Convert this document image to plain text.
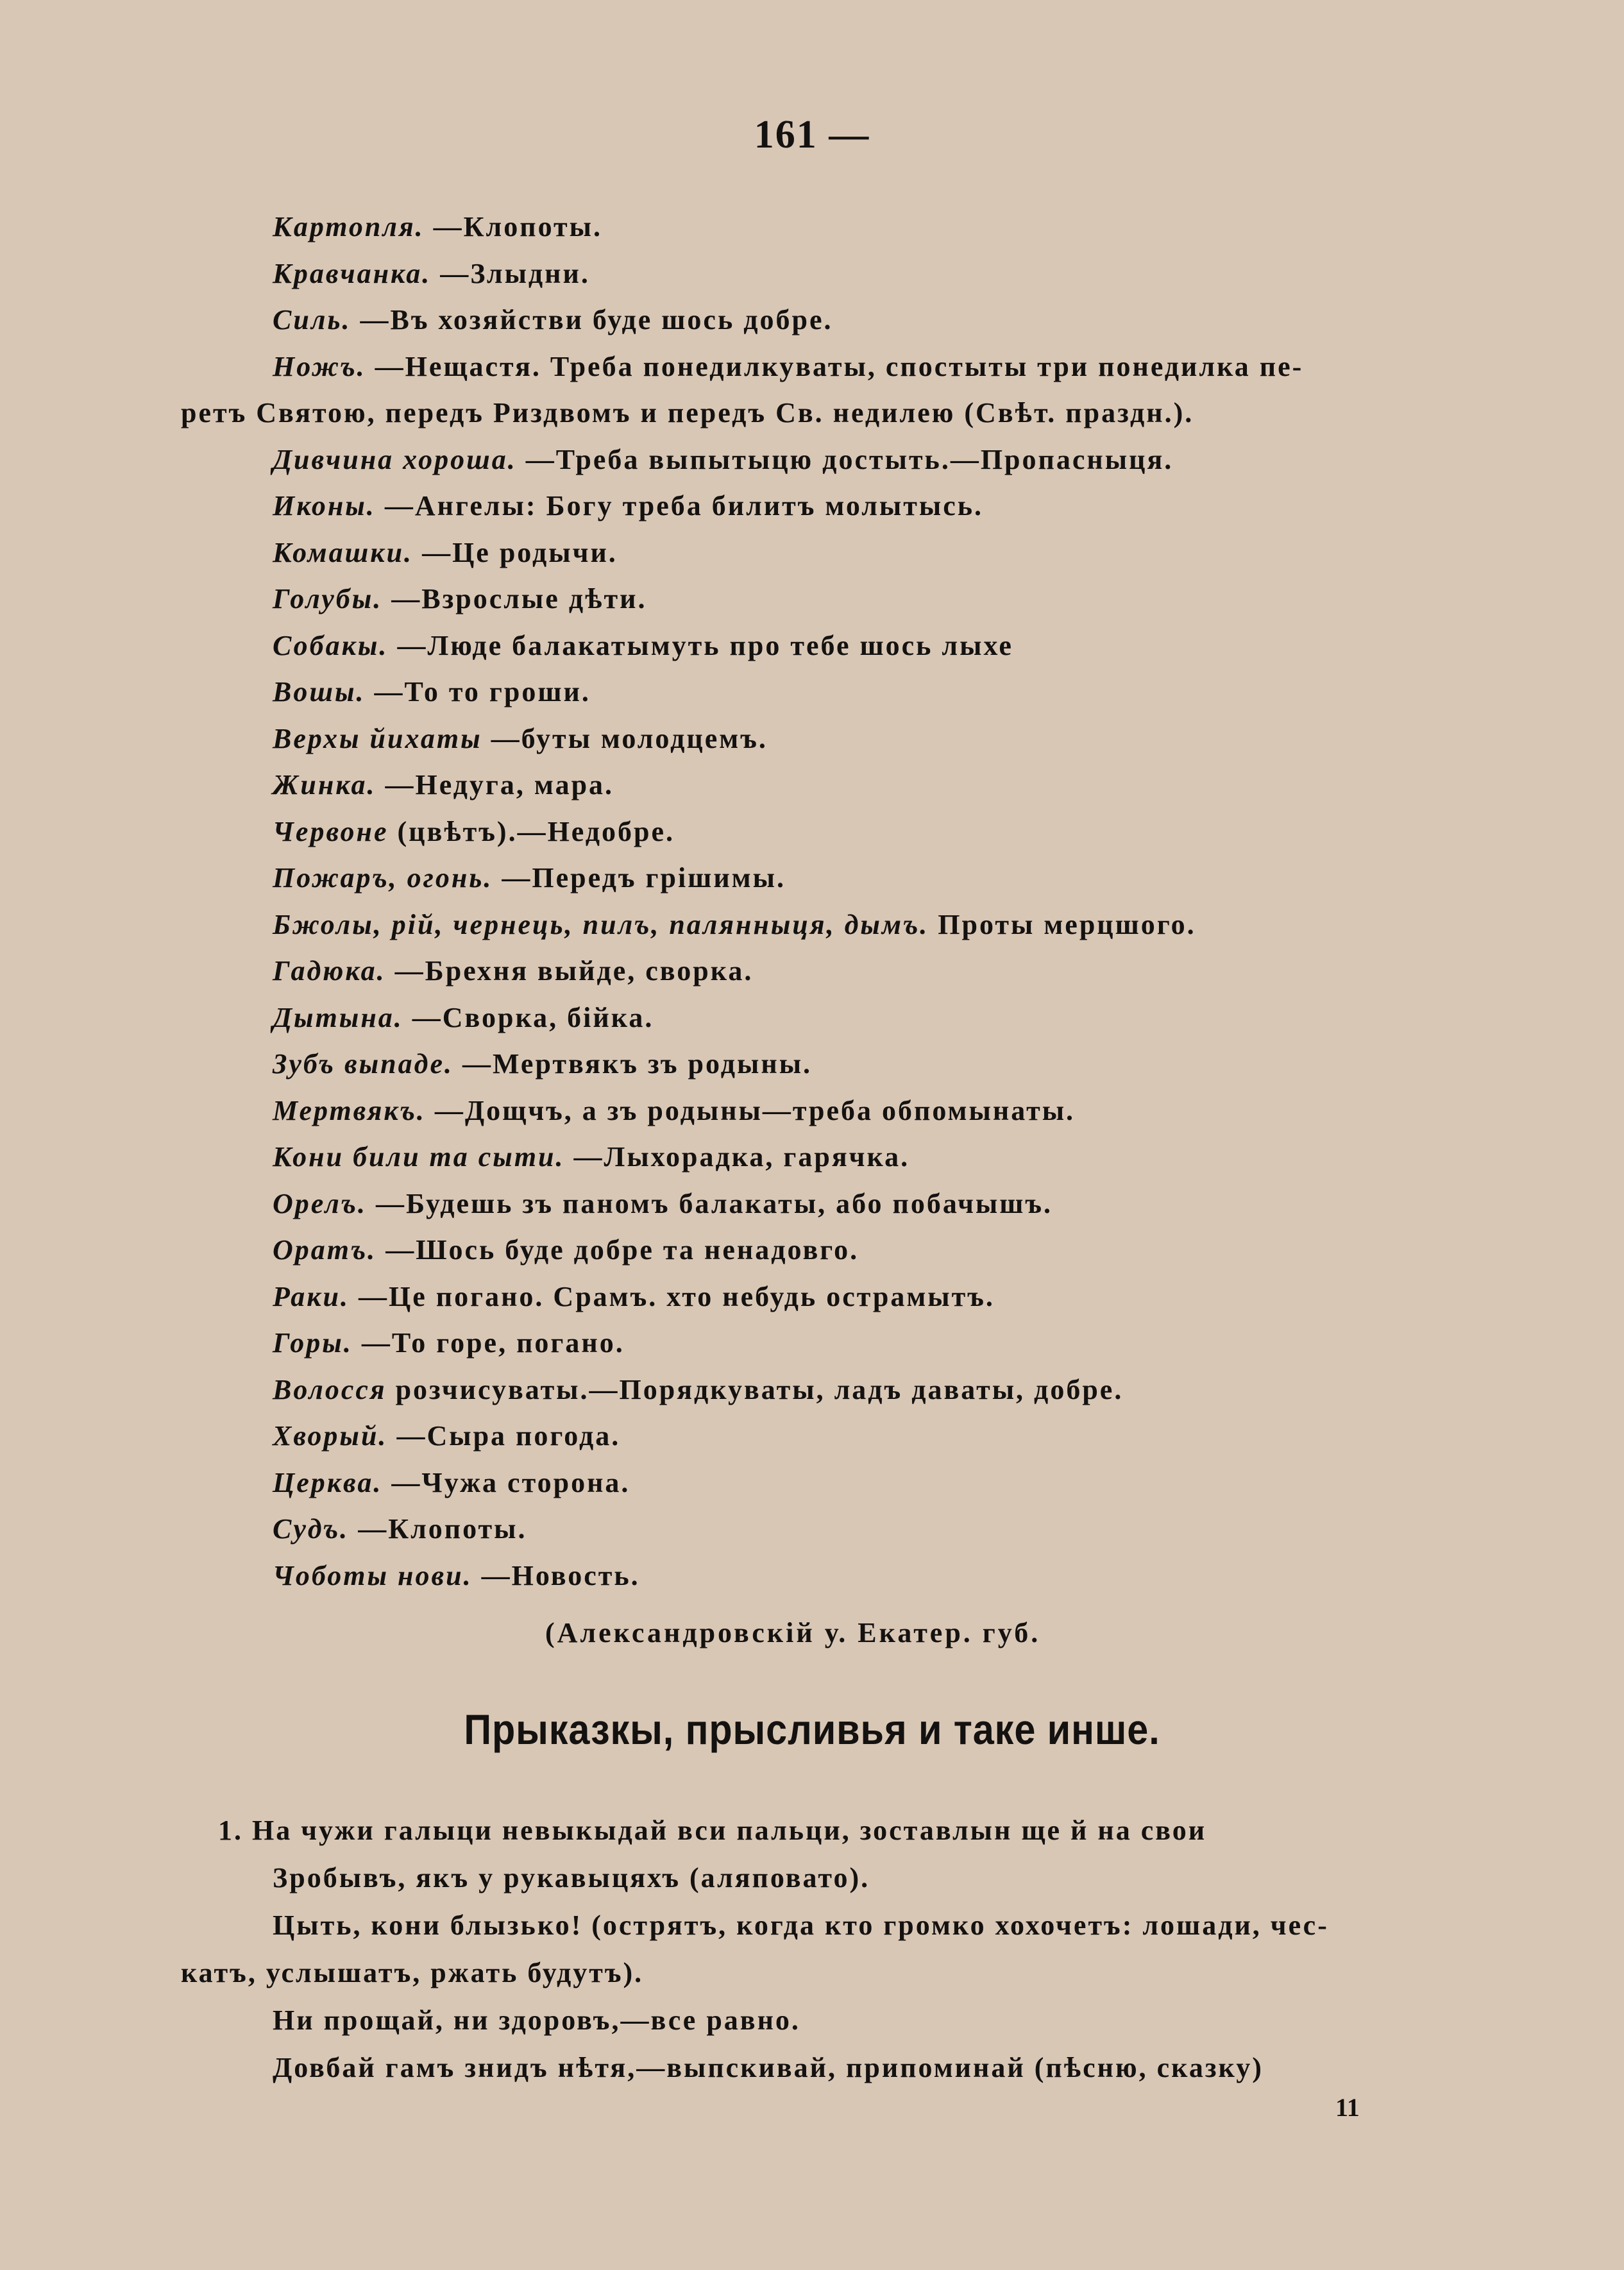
161 —
Картопля. —Клопоты.
Кравчанка. —Злыдни.
Силь. —Въ хозяйстви буде шось добре.
Ножъ. —Нещастя. Треба понедилкуваты, спостыты три понедилка пе-
ретъ Святою, передъ Риздвомъ и передъ Св. недилею (Свѣт. праздн.).
Дивчина хороша. —Треба выпытыцю достыть.—Пропасныця.
Иконы. —Ангелы: Богу треба билитъ молытысь.
Комашки. —Це родычи.
Голубы. —Взрослые дѣти.
Собакы. —Люде балакатымуть про тебе шось лыхе
Вошы. —То то гроши.
Верхы йихаты —буты молодцемъ.
Жинка. —Недуга, мара.
Червоне (цвѣтъ).—Недобре.
Пожаръ, огонь. —Передъ грішимы.
Бжолы, рій, чернець, пилъ, палянныця, дымъ. Проты мерцшого.
Гадюка. —Брехня выйде, сворка.
Дытына. —Сворка, бійка.
Зубъ выпаде. —Мертвякъ зъ родыны.
Мертвякъ. —Дощчъ, а зъ родыны—треба обпомынаты.
Кони били та сыти. —Лыхорадка, гарячка.
Орелъ. —Будешь зъ паномъ балакаты, або побачышъ.
Оратъ. —Шось буде добре та ненадовго.
Раки. —Це погано. Срамъ. хто небудь острамытъ.
Горы. —То горе, погано.
Волосся розчисуваты.—Порядкуваты, ладъ даваты, добре.
Хворый. —Сыра погода.
Церква. —Чужа сторона.
Судъ. —Клопоты.
Чоботы нови. —Новость.
(Александровскій у. Екатер. губ.
Прыказкы, прысливья и таке инше.
1. На чужи галыци невыкыдай вси пальци, зоставлын ще й на свои
Зробывъ, якъ у рукавыцяхъ (аляповато).
Цыть, кони блызько! (острятъ, когда кто громко хохочетъ: лошади, чес-
катъ, услышатъ, ржать будутъ).
Ни прощай, ни здоровъ,—все равно.
Довбай гамъ знидъ нѣтя,—выпскивай, припоминай (пѣсню, сказку)
11
